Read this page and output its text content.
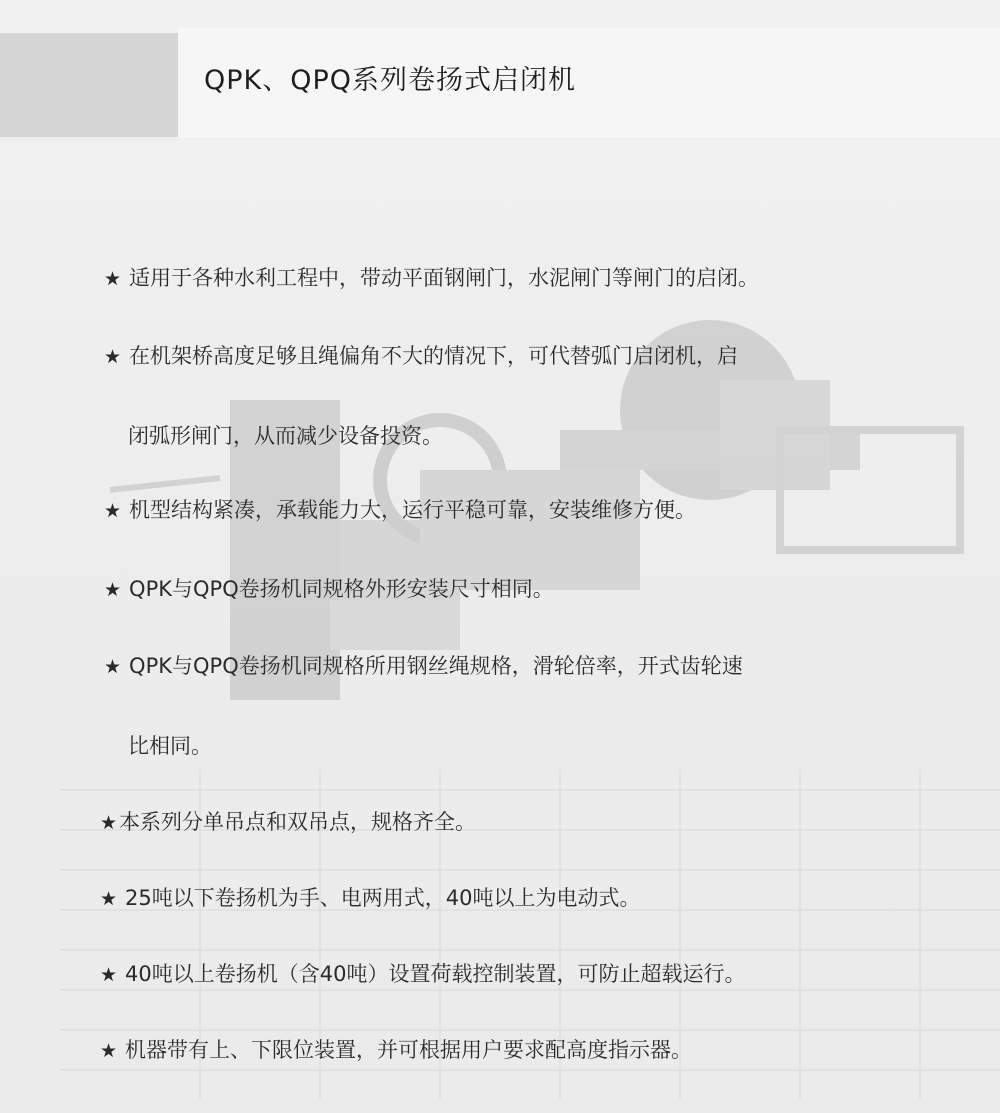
QPK、QPQ系列卷扬式启闭机
★ 适用于各种水利工程中，带动平面钢闸门，水泥闸门等闸门的启闭。
★ 在机架桥高度足够且绳偏角不大的情况下，可代替弧门启闭机，启
闭弧形闸门，从而减少设备投资。
★ 机型结构紧凑，承载能力大，运行平稳可靠，安装维修方便。
★ QPK与QPQ卷扬机同规格外形安装尺寸相同。
★ QPK与QPQ卷扬机同规格所用钢丝绳规格，滑轮倍率，开式齿轮速
比相同。
★本系列分单吊点和双吊点，规格齐全。
★ 25吨以下卷扬机为手、电两用式，40吨以上为电动式。
★ 40吨以上卷扬机（含40吨）设置荷载控制装置，可防止超载运行。
★ 机器带有上、下限位装置，并可根据用户要求配高度指示器。
